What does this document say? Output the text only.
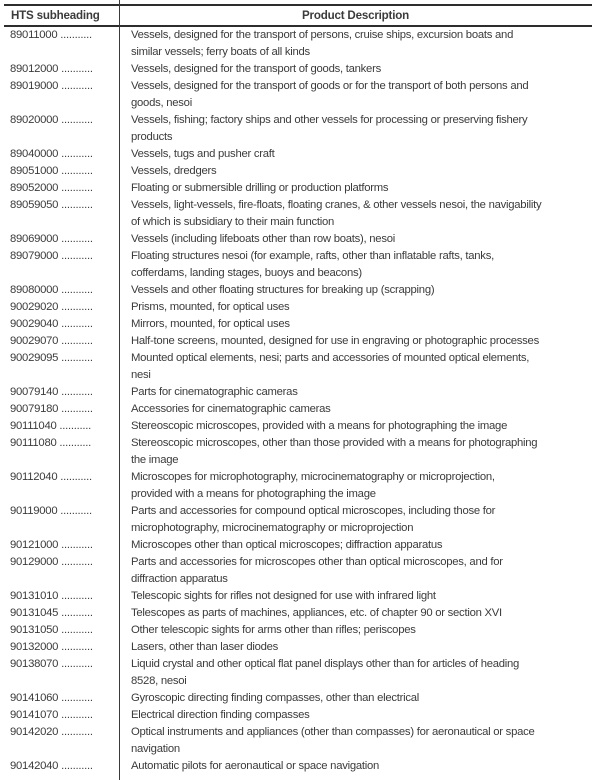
HTS subheading	Product Description
89011000 ...........	Vessels, designed for the transport of persons, cruise ships, excursion boats and
similar vessels; ferry boats of all kinds
89012000 ...........	Vessels, designed for the transport of goods, tankers
89019000 ...........	Vessels, designed for the transport of goods or for the transport of both persons and
goods, nesoi
89020000 ...........	Vessels, fishing; factory ships and other vessels for processing or preserving fishery
products
89040000 ...........	Vessels, tugs and pusher craft
89051000 ...........	Vessels, dredgers
89052000 ...........	Floating or submersible drilling or production platforms
89059050 ...........	Vessels, light-vessels, fire-floats, floating cranes, & other vessels nesoi, the navigability
of which is subsidiary to their main function
89069000 ...........	Vessels (including lifeboats other than row boats), nesoi
89079000 ...........	Floating structures nesoi (for example, rafts, other than inflatable rafts, tanks,
cofferdams, landing stages, buoys and beacons)
89080000 ...........	Vessels and other floating structures for breaking up (scrapping)
90029020 ...........	Prisms, mounted, for optical uses
90029040 ...........	Mirrors, mounted, for optical uses
90029070 ...........	Half-tone screens, mounted, designed for use in engraving or photographic processes
90029095 ...........	Mounted optical elements, nesi; parts and accessories of mounted optical elements,
nesi
90079140 ...........	Parts for cinematographic cameras
90079180 ...........	Accessories for cinematographic cameras
90111040 ...........	Stereoscopic microscopes, provided with a means for photographing the image
90111080 ...........	Stereoscopic microscopes, other than those provided with a means for photographing
the image
90112040 ...........	Microscopes for microphotography, microcinematography or microprojection,
provided with a means for photographing the image
90119000 ...........	Parts and accessories for compound optical microscopes, including those for
microphotography, microcinematography or microprojection
90121000 ...........	Microscopes other than optical microscopes; diffraction apparatus
90129000 ...........	Parts and accessories for microscopes other than optical microscopes, and for
diffraction apparatus
90131010 ...........	Telescopic sights for rifles not designed for use with infrared light
90131045 ...........	Telescopes as parts of machines, appliances, etc. of chapter 90 or section XVI
90131050 ...........	Other telescopic sights for arms other than rifles; periscopes
90132000 ...........	Lasers, other than laser diodes
90138070 ...........	Liquid crystal and other optical flat panel displays other than for articles of heading
8528, nesoi
90141060 ...........	Gyroscopic directing finding compasses, other than electrical
90141070 ...........	Electrical direction finding compasses
90142020 ...........	Optical instruments and appliances (other than compasses) for aeronautical or space
navigation
90142040 ...........	Automatic pilots for aeronautical or space navigation
